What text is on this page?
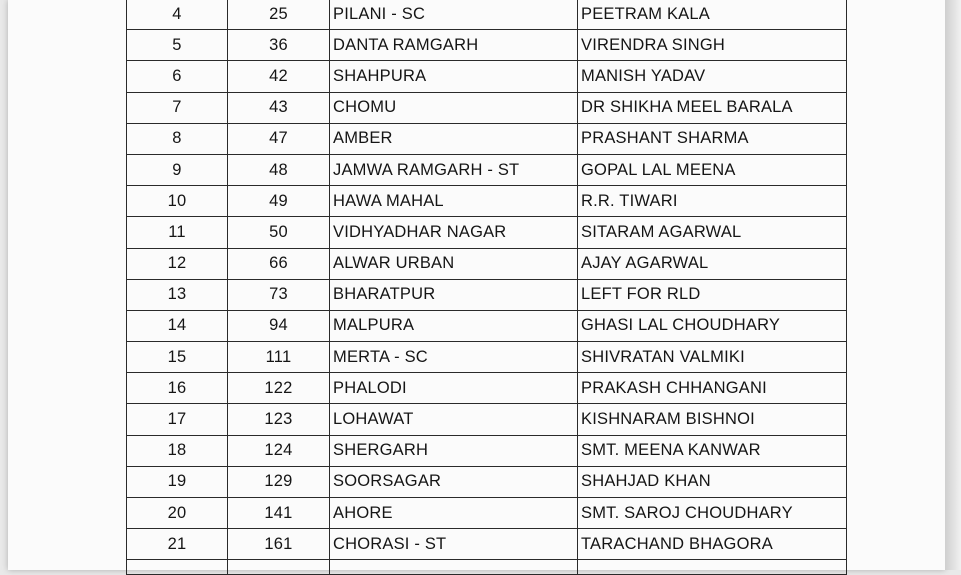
4	25	PILANI - SC	PEETRAM KALA
5	36	DANTA RAMGARH	VIRENDRA SINGH
6	42	SHAHPURA	MANISH YADAV
7	43	CHOMU	DR SHIKHA MEEL BARALA
8	47	AMBER	PRASHANT SHARMA
9	48	JAMWA RAMGARH - ST	GOPAL LAL MEENA
10	49	HAWA MAHAL	R.R. TIWARI
11	50	VIDHYADHAR NAGAR	SITARAM AGARWAL
12	66	ALWAR URBAN	AJAY AGARWAL
13	73	BHARATPUR	LEFT FOR RLD
14	94	MALPURA	GHASI LAL CHOUDHARY
15	111	MERTA - SC	SHIVRATAN VALMIKI
16	122	PHALODI	PRAKASH CHHANGANI
17	123	LOHAWAT	KISHNARAM BISHNOI
18	124	SHERGARH	SMT. MEENA KANWAR
19	129	SOORSAGAR	SHAHJAD KHAN
20	141	AHORE	SMT. SAROJ CHOUDHARY
21	161	CHORASI - ST	TARACHAND BHAGORA
